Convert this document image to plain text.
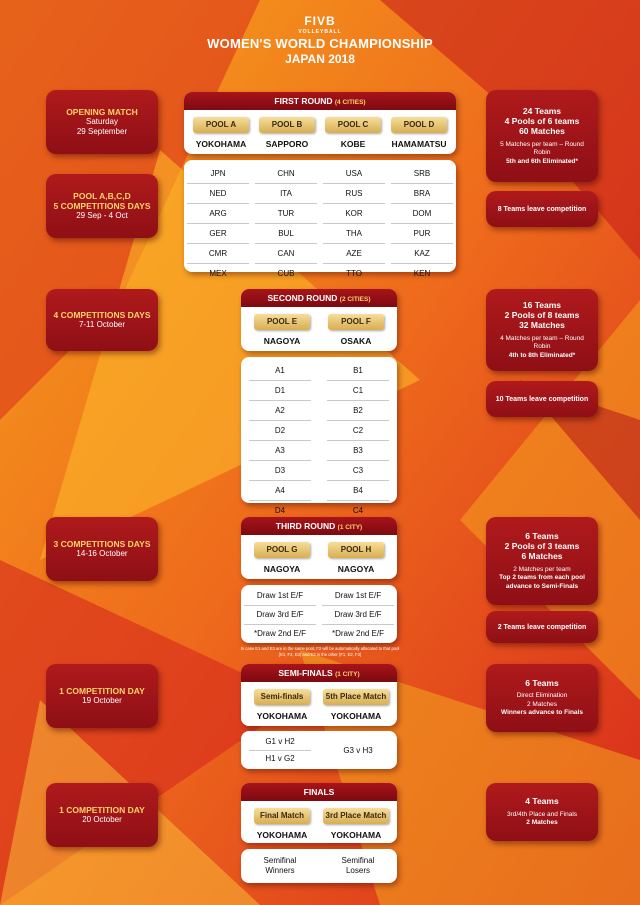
FIVB
VOLLEYBALL
WOMEN'S WORLD CHAMPIONSHIP
JAPAN 2018
OPENING MATCH
Saturday
29 September
POOL A,B,C,D
5 COMPETITIONS DAYS
29 Sep - 4 Oct
4 COMPETITIONS DAYS
7-11 October
3 COMPETITIONS DAYS
14-16 October
1 COMPETITION DAY
19 October
1 COMPETITION DAY
20 October
24 Teams
4 Pools of 6 teams
60 Matches
5 Matches per team – Round Robin
5th and 6th Eliminated*
8 Teams leave competition
16 Teams
2 Pools of 8 teams
32 Matches
4 Matches per team – Round Robin
4th to 8th Eliminated*
10 Teams leave competition
6 Teams
2 Pools of 3 teams
6 Matches
2 Matches per team
Top 2 teams from each pool advance to Semi-Finals
2 Teams leave competition
6 Teams
Direct Elimination
2 Matches
Winners advance to Finals
4 Teams
3rd/4th Place and Finals
2 Matches
FIRST ROUND (4 CITIES)
POOL A
YOKOHAMA
POOL B
SAPPORO
POOL C
KOBE
POOL D
HAMAMATSU
JPN
NED
ARG
GER
CMR
MEX
CHN
ITA
TUR
BUL
CAN
CUB
USA
RUS
KOR
THA
AZE
TTO
SRB
BRA
DOM
PUR
KAZ
KEN
SECOND ROUND (2 CITIES)
POOL E
NAGOYA
POOL F
OSAKA
A1
D1
A2
D2
A3
D3
A4
D4
B1
C1
B2
C2
B3
C3
B4
C4
THIRD ROUND (1 CITY)
POOL G
NAGOYA
POOL H
NAGOYA
Draw 1st E/F
Draw 3rd E/F
*Draw 2nd E/F
Draw 1st E/F
Draw 3rd E/F
*Draw 2nd E/F
In case E1 and E3 are in the same pool, F2 will be automatically allocated to that pool (E1, F2, E3) and E2 in the other (F1, E2, F3)
SEMI-FINALS (1 CITY)
Semi-finals
YOKOHAMA
5th Place Match
YOKOHAMA
G1 v H2
H1 v G2
G3 v H3
FINALS
Final Match
YOKOHAMA
3rd Place Match
YOKOHAMA
Semifinal
Winners
Semifinal
Losers
